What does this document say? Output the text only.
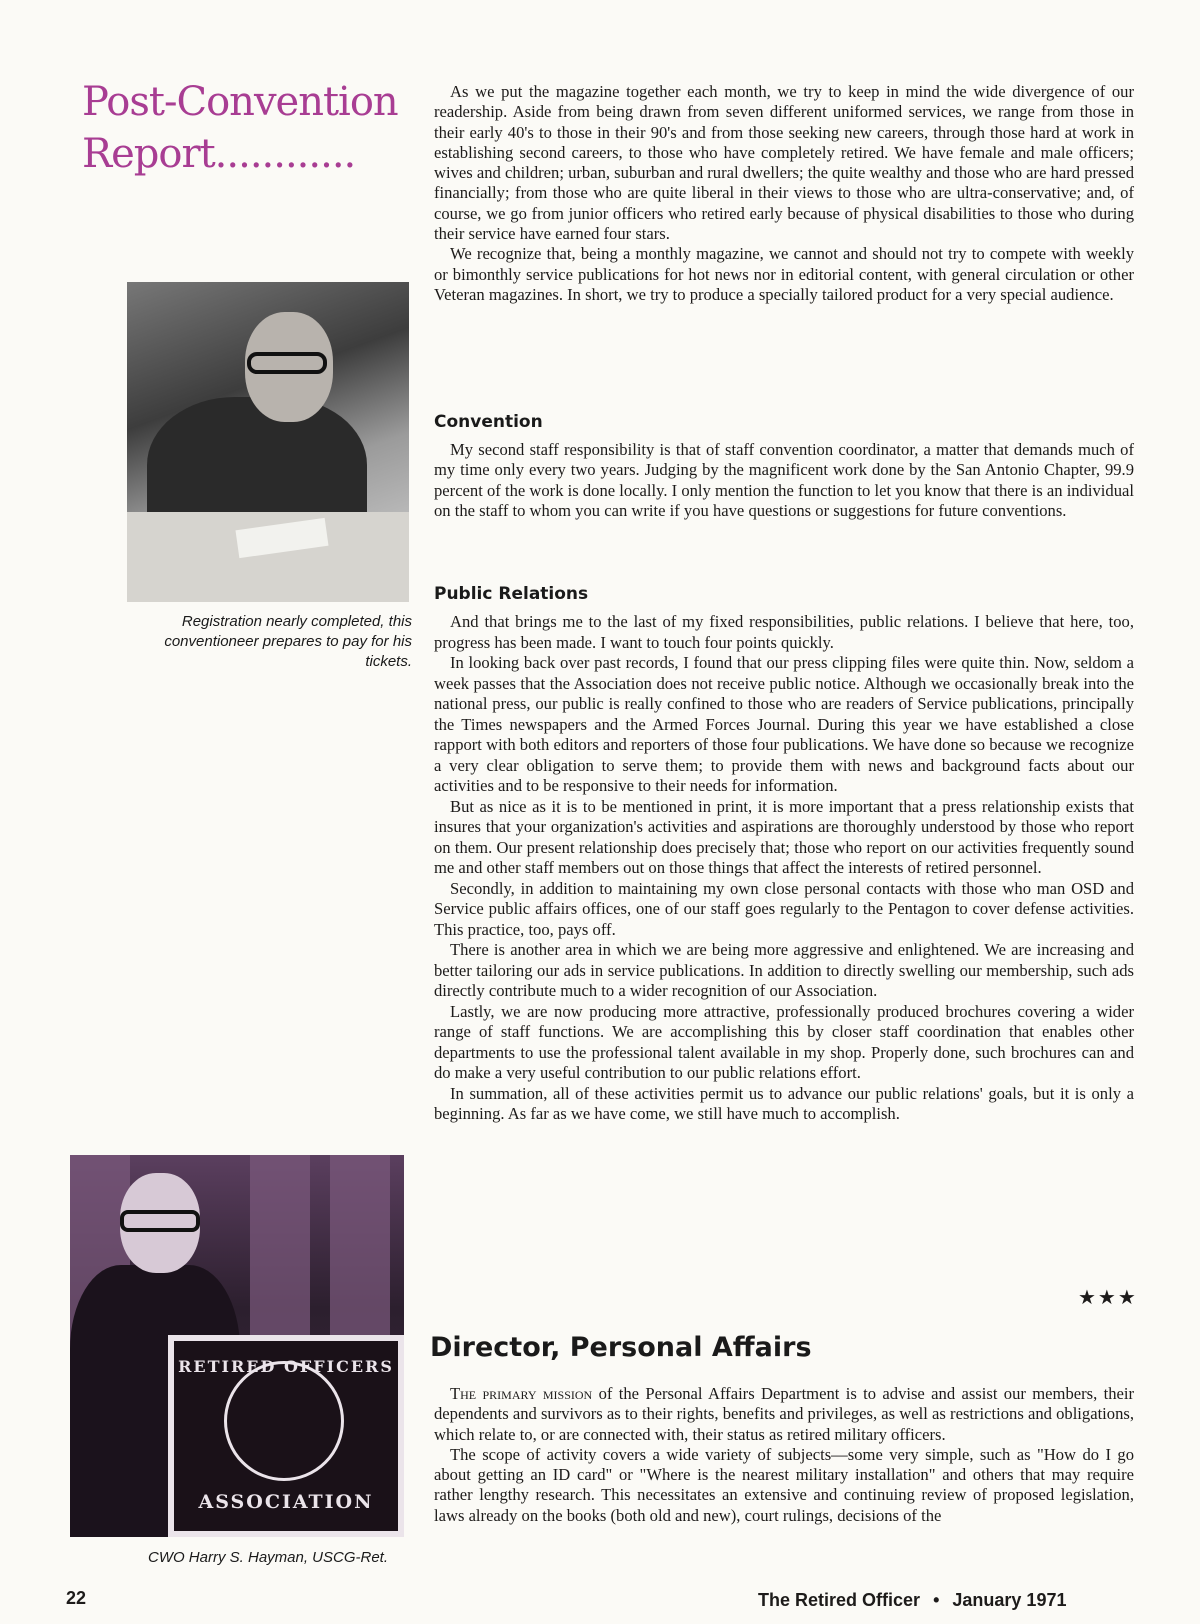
Post-Convention
Report............
Registration nearly completed, this conventioneer prepares to pay for his tickets.
RETIRED OFFICERS
ASSOCIATION
CWO Harry S. Hayman, USCG-Ret.

As we put the magazine together each month, we try to keep in mind the wide divergence of our readership. Aside from being drawn from seven different uniformed services, we range from those in their early 40's to those in their 90's and from those seeking new careers, through those hard at work in establishing second careers, to those who have completely retired. We have female and male officers; wives and children; urban, suburban and rural dwellers; the quite wealthy and those who are hard pressed financially; from those who are quite liberal in their views to those who are ultra-conservative; and, of course, we go from junior officers who retired early because of physical disabilities to those who during their service have earned four stars.

We recognize that, being a monthly magazine, we cannot and should not try to compete with weekly or bimonthly service publications for hot news nor in editorial content, with general circulation or other Veteran magazines. In short, we try to produce a specially tailored product for a very special audience.

Convention

My second staff responsibility is that of staff convention coordinator, a matter that demands much of my time only every two years. Judging by the magnificent work done by the San Antonio Chapter, 99.9 percent of the work is done locally. I only mention the function to let you know that there is an individual on the staff to whom you can write if you have questions or suggestions for future conventions.

Public Relations

And that brings me to the last of my fixed responsibilities, public relations. I believe that here, too, progress has been made. I want to touch four points quickly.

In looking back over past records, I found that our press clipping files were quite thin. Now, seldom a week passes that the Association does not receive public notice. Although we occasionally break into the national press, our public is really confined to those who are readers of Service publications, principally the Times newspapers and the Armed Forces Journal. During this year we have established a close rapport with both editors and reporters of those four publications. We have done so because we recognize a very clear obligation to serve them; to provide them with news and background facts about our activities and to be responsive to their needs for information.

But as nice as it is to be mentioned in print, it is more important that a press relationship exists that insures that your organization's activities and aspirations are thoroughly understood by those who report on them. Our present relationship does precisely that; those who report on our activities frequently sound me and other staff members out on those things that affect the interests of retired personnel.

Secondly, in addition to maintaining my own close personal contacts with those who man OSD and Service public affairs offices, one of our staff goes regularly to the Pentagon to cover defense activities. This practice, too, pays off.

There is another area in which we are being more aggressive and enlightened. We are increasing and better tailoring our ads in service publications. In addition to directly swelling our membership, such ads directly contribute much to a wider recognition of our Association.

Lastly, we are now producing more attractive, professionally produced brochures covering a wider range of staff functions. We are accomplishing this by closer staff coordination that enables other departments to use the professional talent available in my shop. Properly done, such brochures can and do make a very useful contribution to our public relations effort.

In summation, all of these activities permit us to advance our public relations' goals, but it is only a beginning. As far as we have come, we still have much to accomplish.

★★★
Director, Personal Affairs

The primary mission of the Personal Affairs Department is to advise and assist our members, their dependents and survivors as to their rights, benefits and privileges, as well as restrictions and obligations, which relate to, or are connected with, their status as retired military officers.

The scope of activity covers a wide variety of subjects—some very simple, such as "How do I go about getting an ID card" or "Where is the nearest military installation" and others that may require rather lengthy research. This necessitates an extensive and continuing review of proposed legislation, laws already on the books (both old and new), court rulings, decisions of the

22	The Retired Officer • January 1971
